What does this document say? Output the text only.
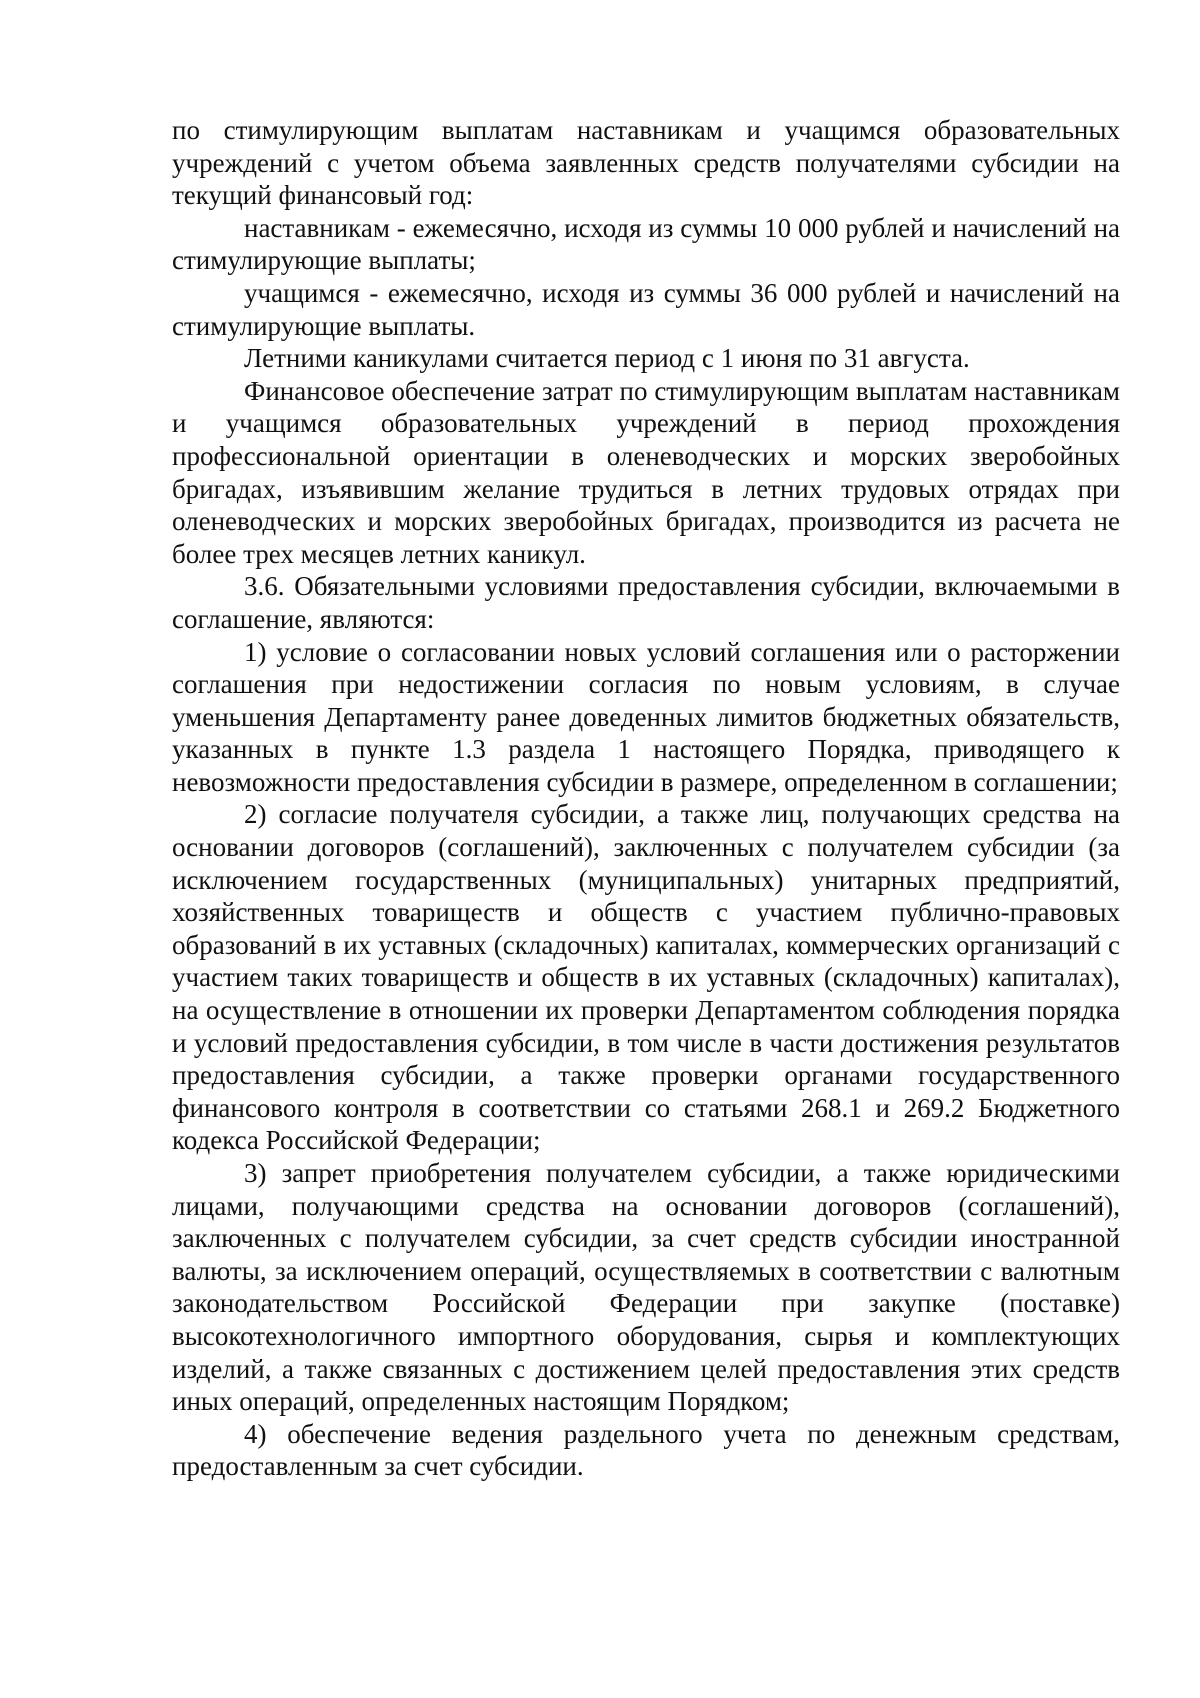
по стимулирующим выплатам наставникам и учащимся образовательных учреждений с учетом объема заявленных средств получателями субсидии на текущий финансовый год:

наставникам - ежемесячно, исходя из суммы 10 000 рублей и начислений на стимулирующие выплаты;

учащимся - ежемесячно, исходя из суммы 36 000 рублей и начислений на стимулирующие выплаты.

Летними каникулами считается период с 1 июня по 31 августа.

Финансовое обеспечение затрат по стимулирующим выплатам наставникам и учащимся образовательных учреждений в период прохождения профессиональной ориентации в оленеводческих и морских зверобойных бригадах, изъявившим желание трудиться в летних трудовых отрядах при оленеводческих и морских зверобойных бригадах, производится из расчета не более трех месяцев летних каникул.

3.6. Обязательными условиями предоставления субсидии, включаемыми в соглашение, являются:

1) условие о согласовании новых условий соглашения или о расторжении соглашения при недостижении согласия по новым условиям, в случае уменьшения Департаменту ранее доведенных лимитов бюджетных обязательств, указанных в пункте 1.3 раздела 1 настоящего Порядка, приводящего к невозможности предоставления субсидии в размере, определенном в соглашении;

2) согласие получателя субсидии, а также лиц, получающих средства на основании договоров (соглашений), заключенных с получателем субсидии (за исключением государственных (муниципальных) унитарных предприятий, хозяйственных товариществ и обществ с участием публично-правовых образований в их уставных (складочных) капиталах, коммерческих организаций с участием таких товариществ и обществ в их уставных (складочных) капиталах), на осуществление в отношении их проверки Департаментом соблюдения порядка и условий предоставления субсидии, в том числе в части достижения результатов предоставления субсидии, а также проверки органами государственного финансового контроля в соответствии со статьями 268.1 и 269.2 Бюджетного кодекса Российской Федерации;

3) запрет приобретения получателем субсидии, а также юридическими лицами, получающими средства на основании договоров (соглашений), заключенных с получателем субсидии, за счет средств субсидии иностранной валюты, за исключением операций, осуществляемых в соответствии с валютным законодательством Российской Федерации при закупке (поставке) высокотехнологичного импортного оборудования, сырья и комплектующих изделий, а также связанных с достижением целей предоставления этих средств иных операций, определенных настоящим Порядком;

4) обеспечение ведения раздельного учета по денежным средствам, предоставленным за счет субсидии.
